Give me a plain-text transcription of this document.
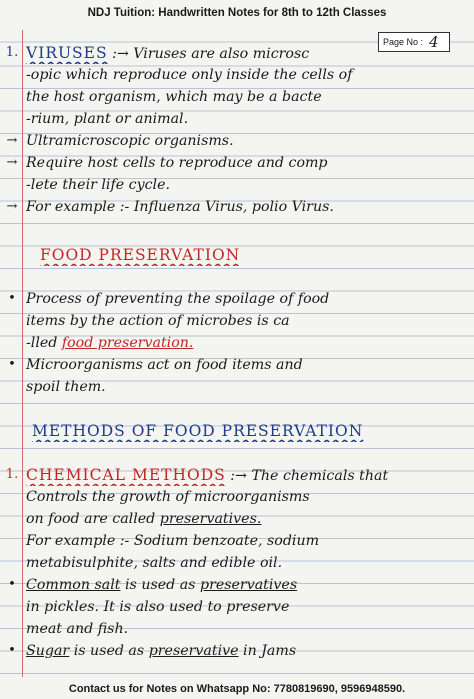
NDJ Tuition: Handwritten Notes for 8th to 12th Classes
Page No : 4
1. VIRUSES :→ Viruses are also microsc
-opic which reproduce only inside the cells of
the host organism, which may be a bacte
-rium, plant or animal.
→ Ultramicroscopic organisms.
→ Require host cells to reproduce and comp
-lete their life cycle.
→ For example :- Influenza Virus, polio Virus.
FOOD PRESERVATION
• Process of preventing the spoilage of food
items by the action of microbes is ca
-lled food preservation.
• Microorganisms act on food items and
spoil them.
METHODS OF FOOD PRESERVATION
1. CHEMICAL METHODS :→ The chemicals that
Controls the growth of microorganisms
on food are called preservatives.
For example :- Sodium benzoate, sodium
metabisulphite, salts and edible oil.
• Common salt is used as preservatives
in pickles. It is also used to preserve
meat and fish.
• Sugar is used as preservative in Jams
Contact us for Notes on Whatsapp No: 7780819690, 9596948590.
